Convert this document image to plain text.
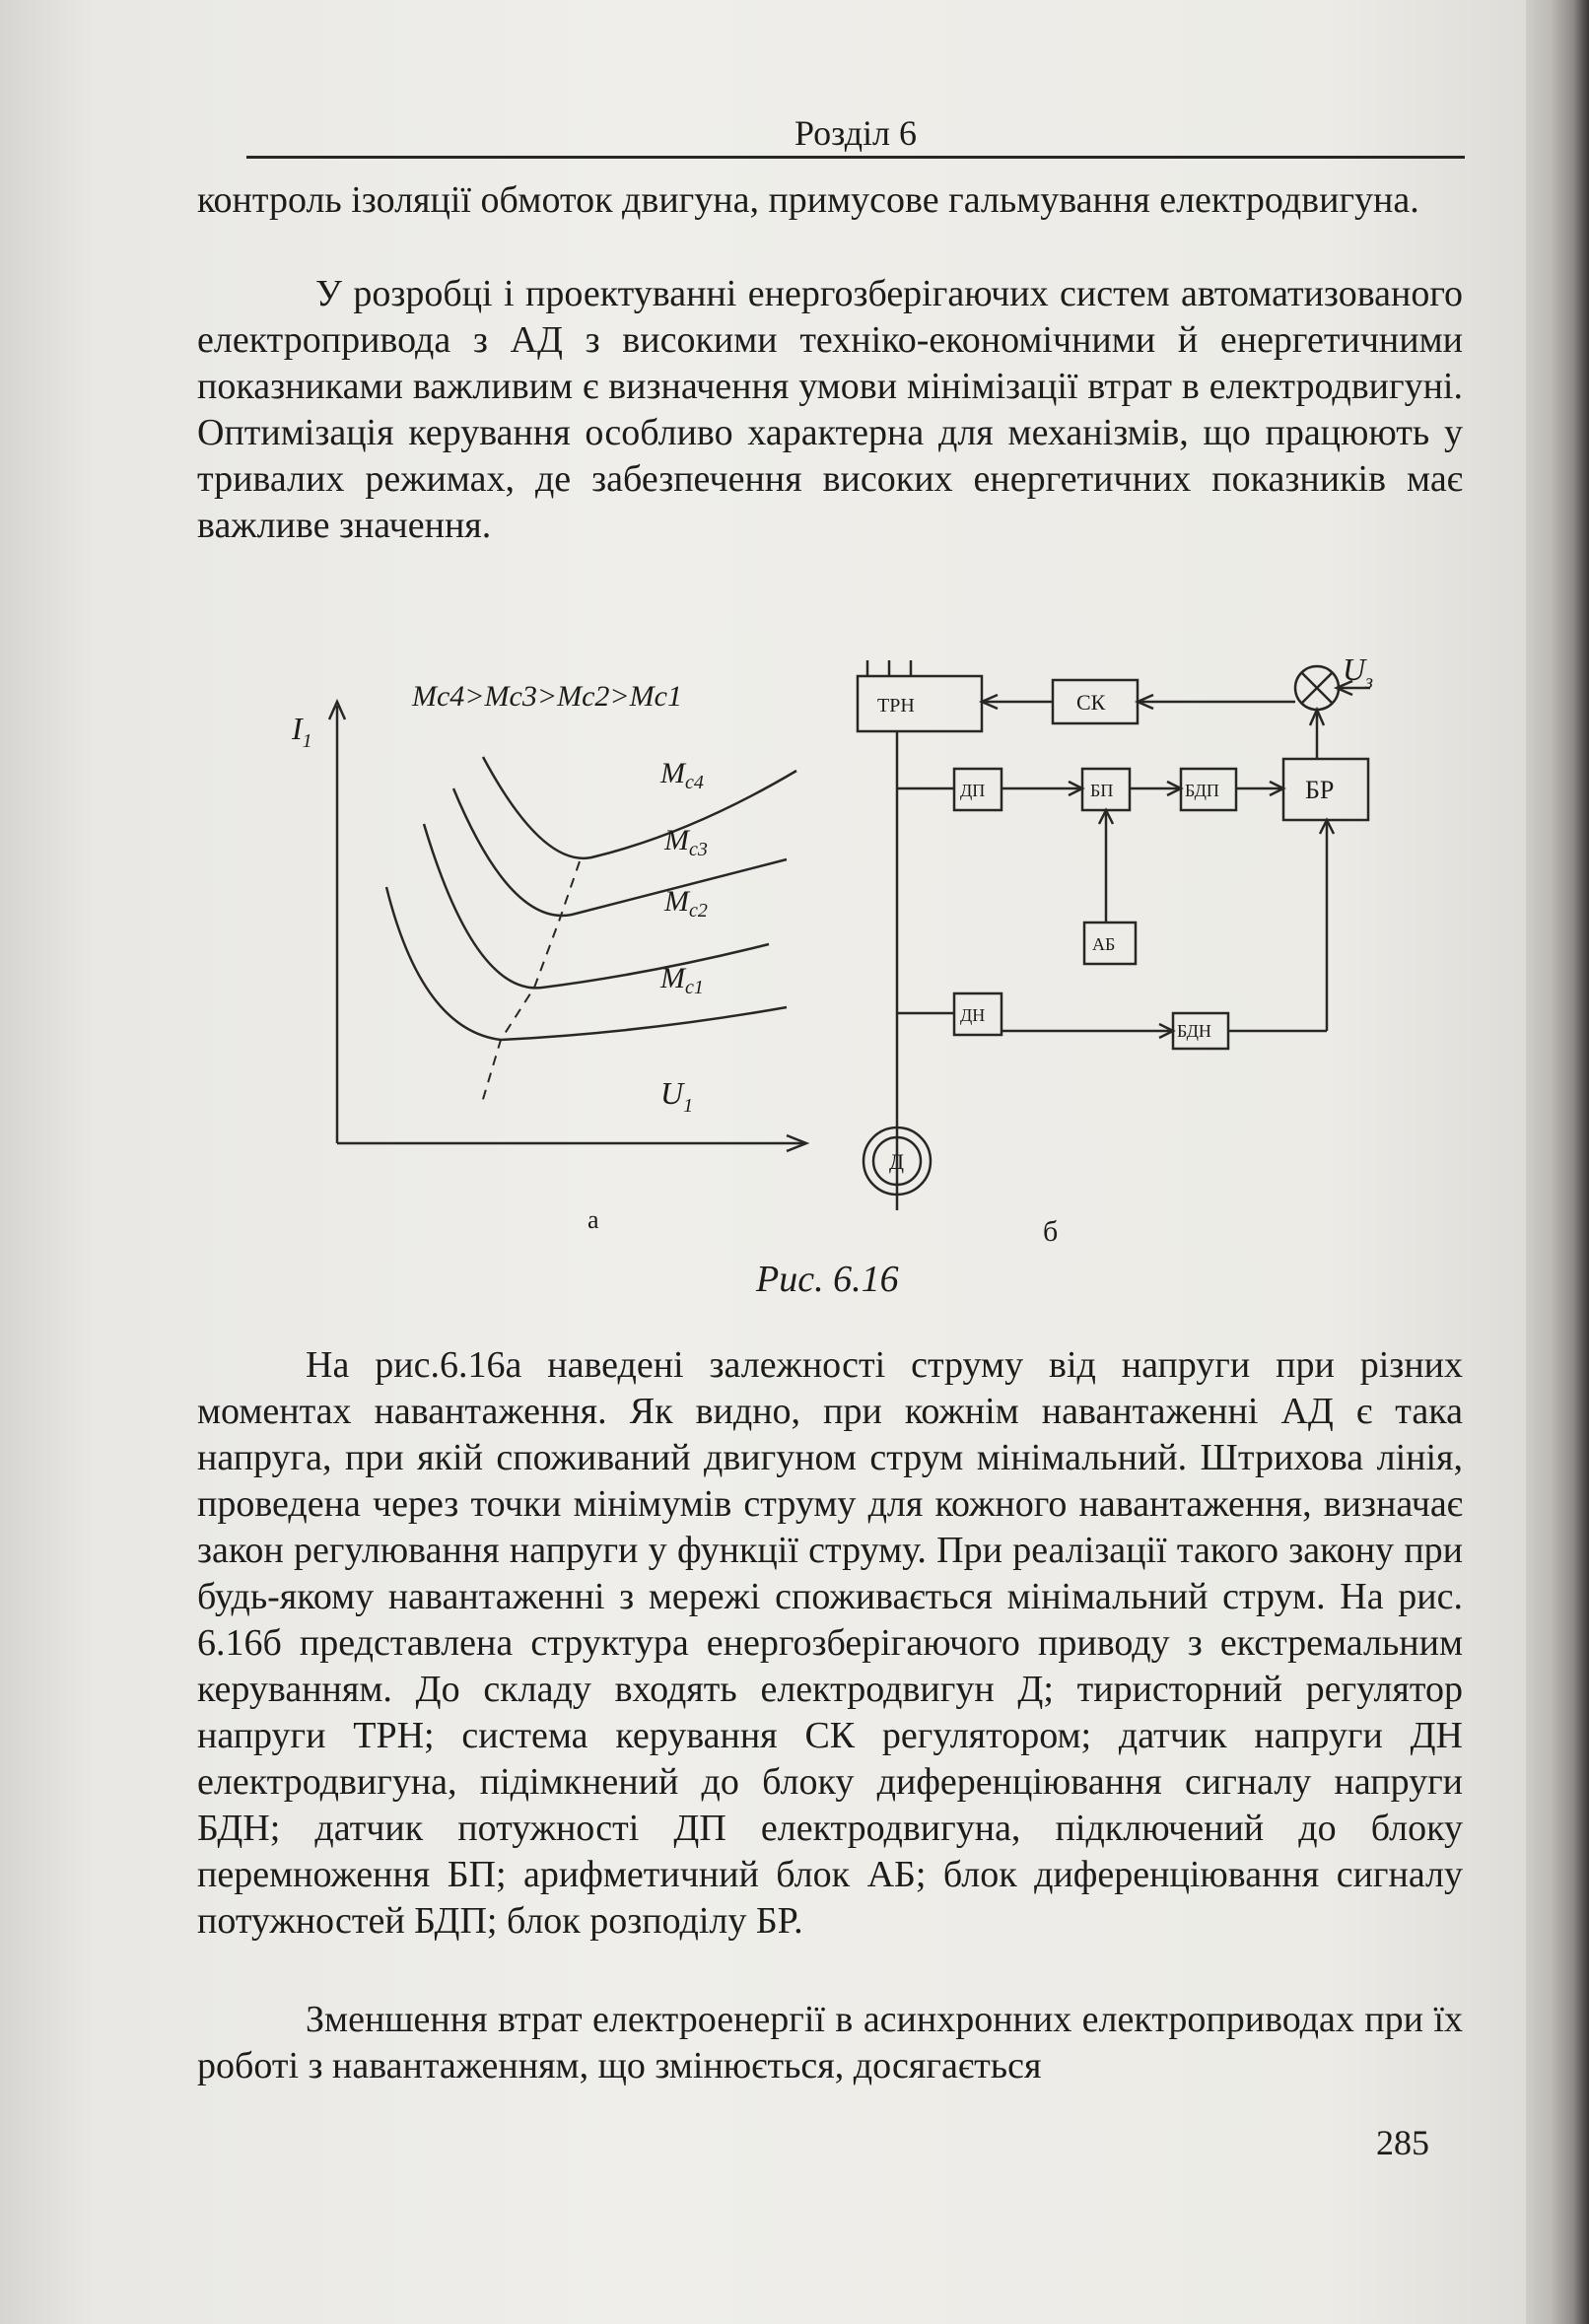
Розділ 6
контроль ізоляції обмоток двигуна, примусове гальмування електродвигуна.
У розробці і проектуванні енергозберігаючих систем автоматизованого електропривода з АД з високими техніко-економічними й енергетичними показниками важливим є визначення умови мінімізації втрат в електродвигуні. Оптимізація керування особливо характерна для механізмів, що працюють у тривалих режимах, де забезпечення високих енергетичних показників має важливе значення.
Mc4>Mc3>Mc2>Mc1
$I_1$
$U_1$
$M_{c4}$
$M_{c3}$
$M_{c2}$
$M_{c1}$
ТРН	СК
ДП	БП	БДП	БР
АБ
ДН
БДН
Д
$U_з$
а	б
Рис. 6.16
На рис.6.16а наведені залежності струму від напруги при різних моментах навантаження. Як видно, при кожнім навантаженні АД є така напруга, при якій споживаний двигуном струм мінімальний. Штрихова лінія, проведена через точки мінімумів струму для кожного навантаження, визначає закон регулювання напруги у функції струму. При реалізації такого закону при будь-якому навантаженні з мережі споживається мінімальний струм. На рис. 6.16б представлена структура енергозберігаючого приводу з екстремальним керуванням. До складу входять електродвигун Д; тиристорний регулятор напруги ТРН; система керування СК регулятором; датчик напруги ДН електродвигуна, підімкнений до блоку диференціювання сигналу напруги БДН; датчик потужності ДП електродвигуна, підключений до блоку перемноження БП; арифметичний блок АБ; блок диференціювання сигналу потужностей БДП; блок розподілу БР.
Зменшення втрат електроенергії в асинхронних електроприводах при їх роботі з навантаженням, що змінюється, досягається
285
